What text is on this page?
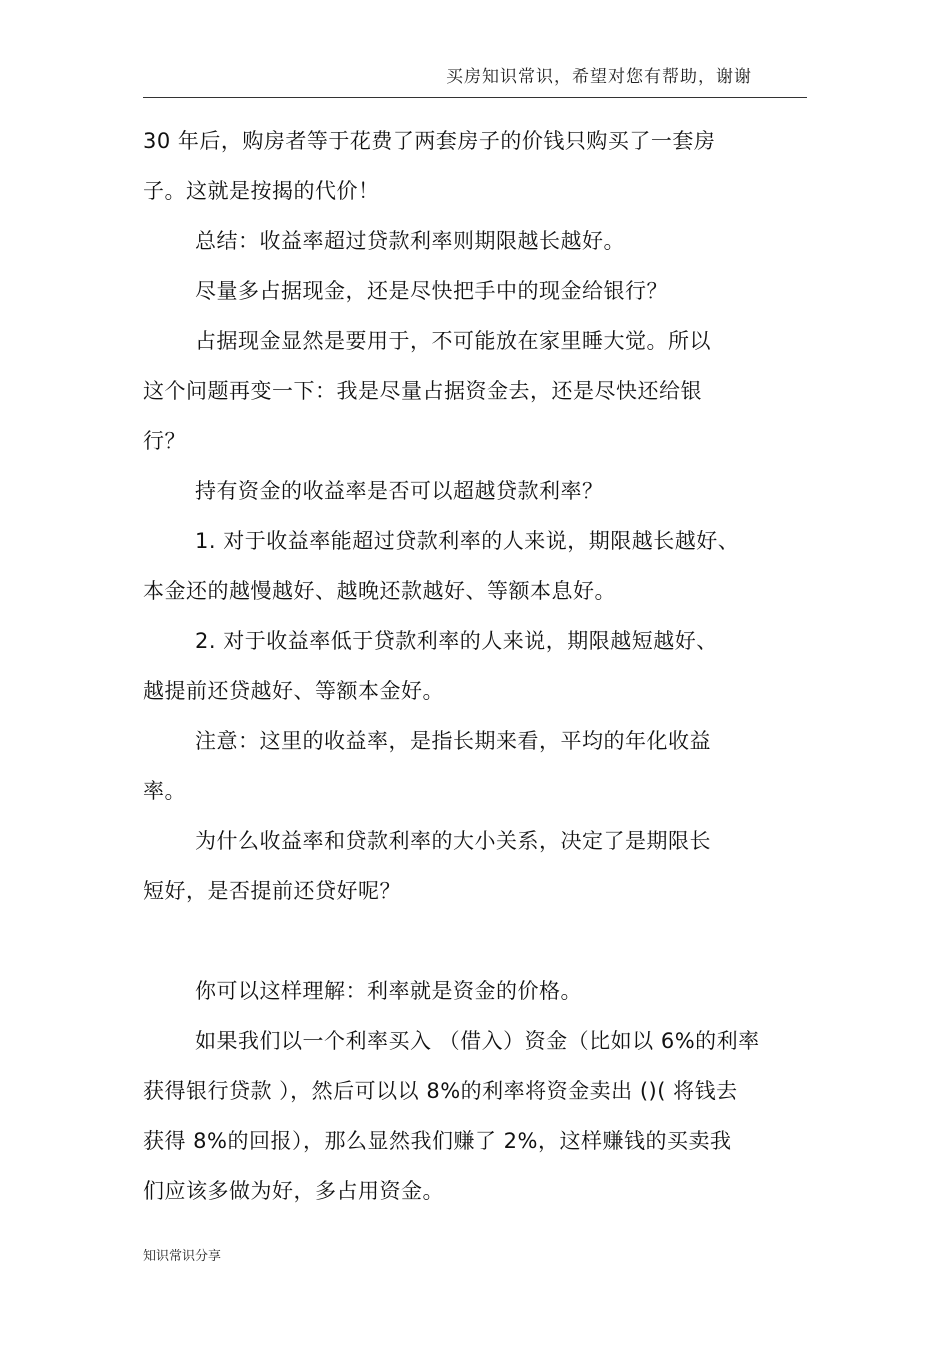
买房知识常识，希望对您有帮助，谢谢
30 年后，购房者等于花费了两套房子的价钱只购买了一套房
子。这就是按揭的代价！
总结：收益率超过贷款利率则期限越长越好。
尽量多占据现金，还是尽快把手中的现金给银行？
占据现金显然是要用于，不可能放在家里睡大觉。所以
这个问题再变一下：我是尽量占据资金去，还是尽快还给银
行？
持有资金的收益率是否可以超越贷款利率？
1. 对于收益率能超过贷款利率的人来说，期限越长越好、
本金还的越慢越好、越晚还款越好、等额本息好。
2. 对于收益率低于贷款利率的人来说，期限越短越好、
越提前还贷越好、等额本金好。
注意：这里的收益率，是指长期来看，平均的年化收益
率。
为什么收益率和贷款利率的大小关系，决定了是期限长
短好，是否提前还贷好呢？
你可以这样理解：利率就是资金的价格。
如果我们以一个利率买入 （借入）资金（比如以 6%的利率
获得银行贷款 ），然后可以以 8%的利率将资金卖出 ()( 将钱去
获得 8%的回报），那么显然我们赚了 2%，这样赚钱的买卖我
们应该多做为好，多占用资金。
知识常识分享
